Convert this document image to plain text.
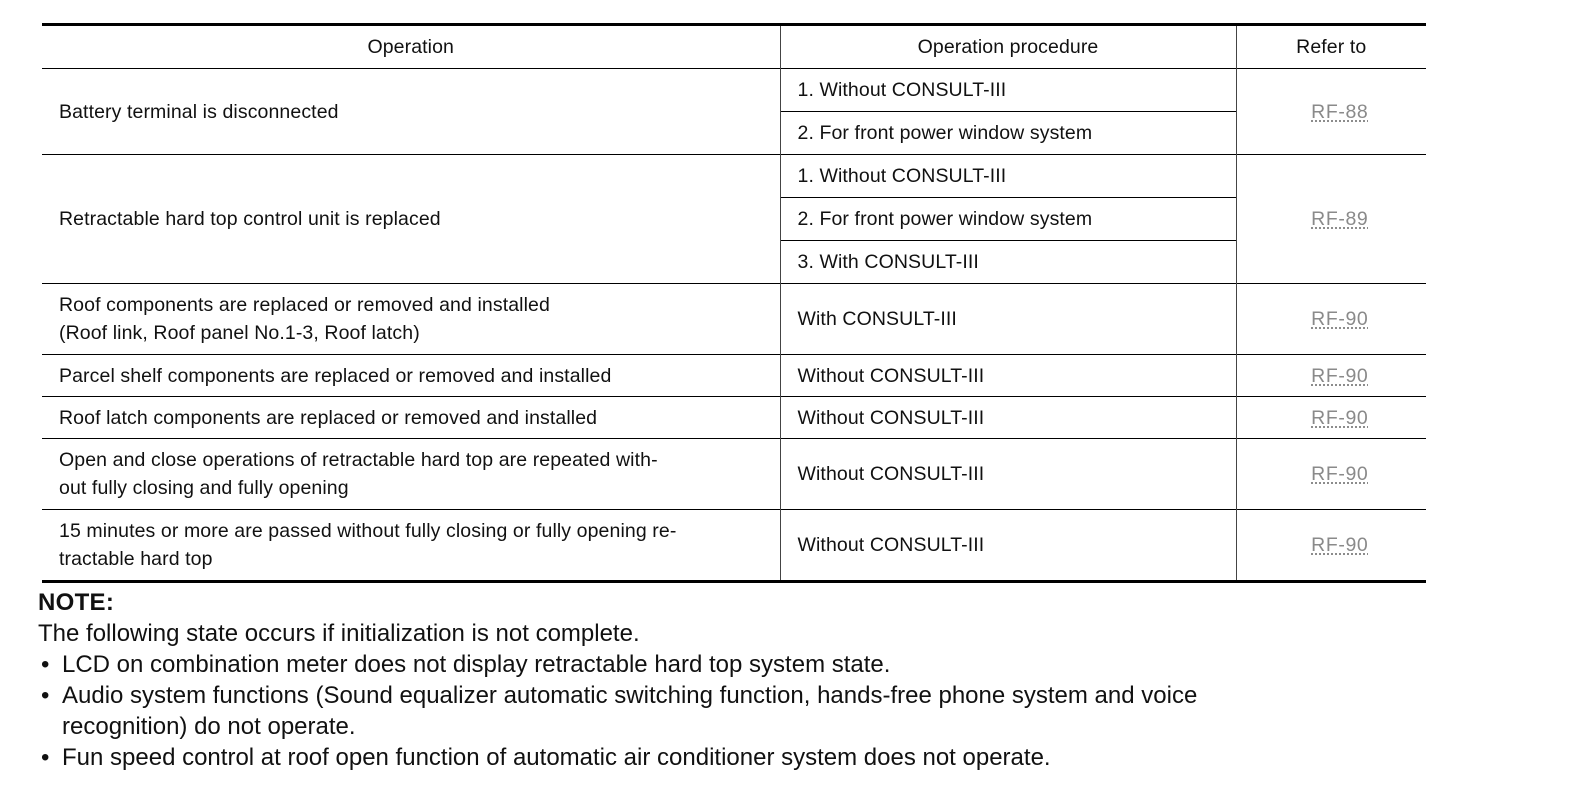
Operation	Operation procedure	Refer to
Battery terminal is disconnected	1. Without CONSULT-III	RF-88
	2. For front power window system	
Retractable hard top control unit is replaced	1. Without CONSULT-III	RF-89
	2. For front power window system	
	3. With CONSULT-III	

Roof components are replaced or removed and installed
(Roof link, Roof panel No.1-3, Roof latch)	With CONSULT-III	RF-90
Parcel shelf components are replaced or removed and installed	Without CONSULT-III	RF-90
Roof latch components are replaced or removed and installed	Without CONSULT-III	RF-90

Open and close operations of retractable hard top are repeated with-
out fully closing and fully opening	Without CONSULT-III	RF-90

15 minutes or more are passed without fully closing or fully opening re-
tractable hard top	Without CONSULT-III	RF-90
NOTE:
The following state occurs if initialization is not complete.
• LCD on combination meter does not display retractable hard top system state.
• Audio system functions (Sound equalizer automatic switching function, hands-free phone system and voice
recognition) do not operate.
• Fun speed control at roof open function of automatic air conditioner system does not operate.
